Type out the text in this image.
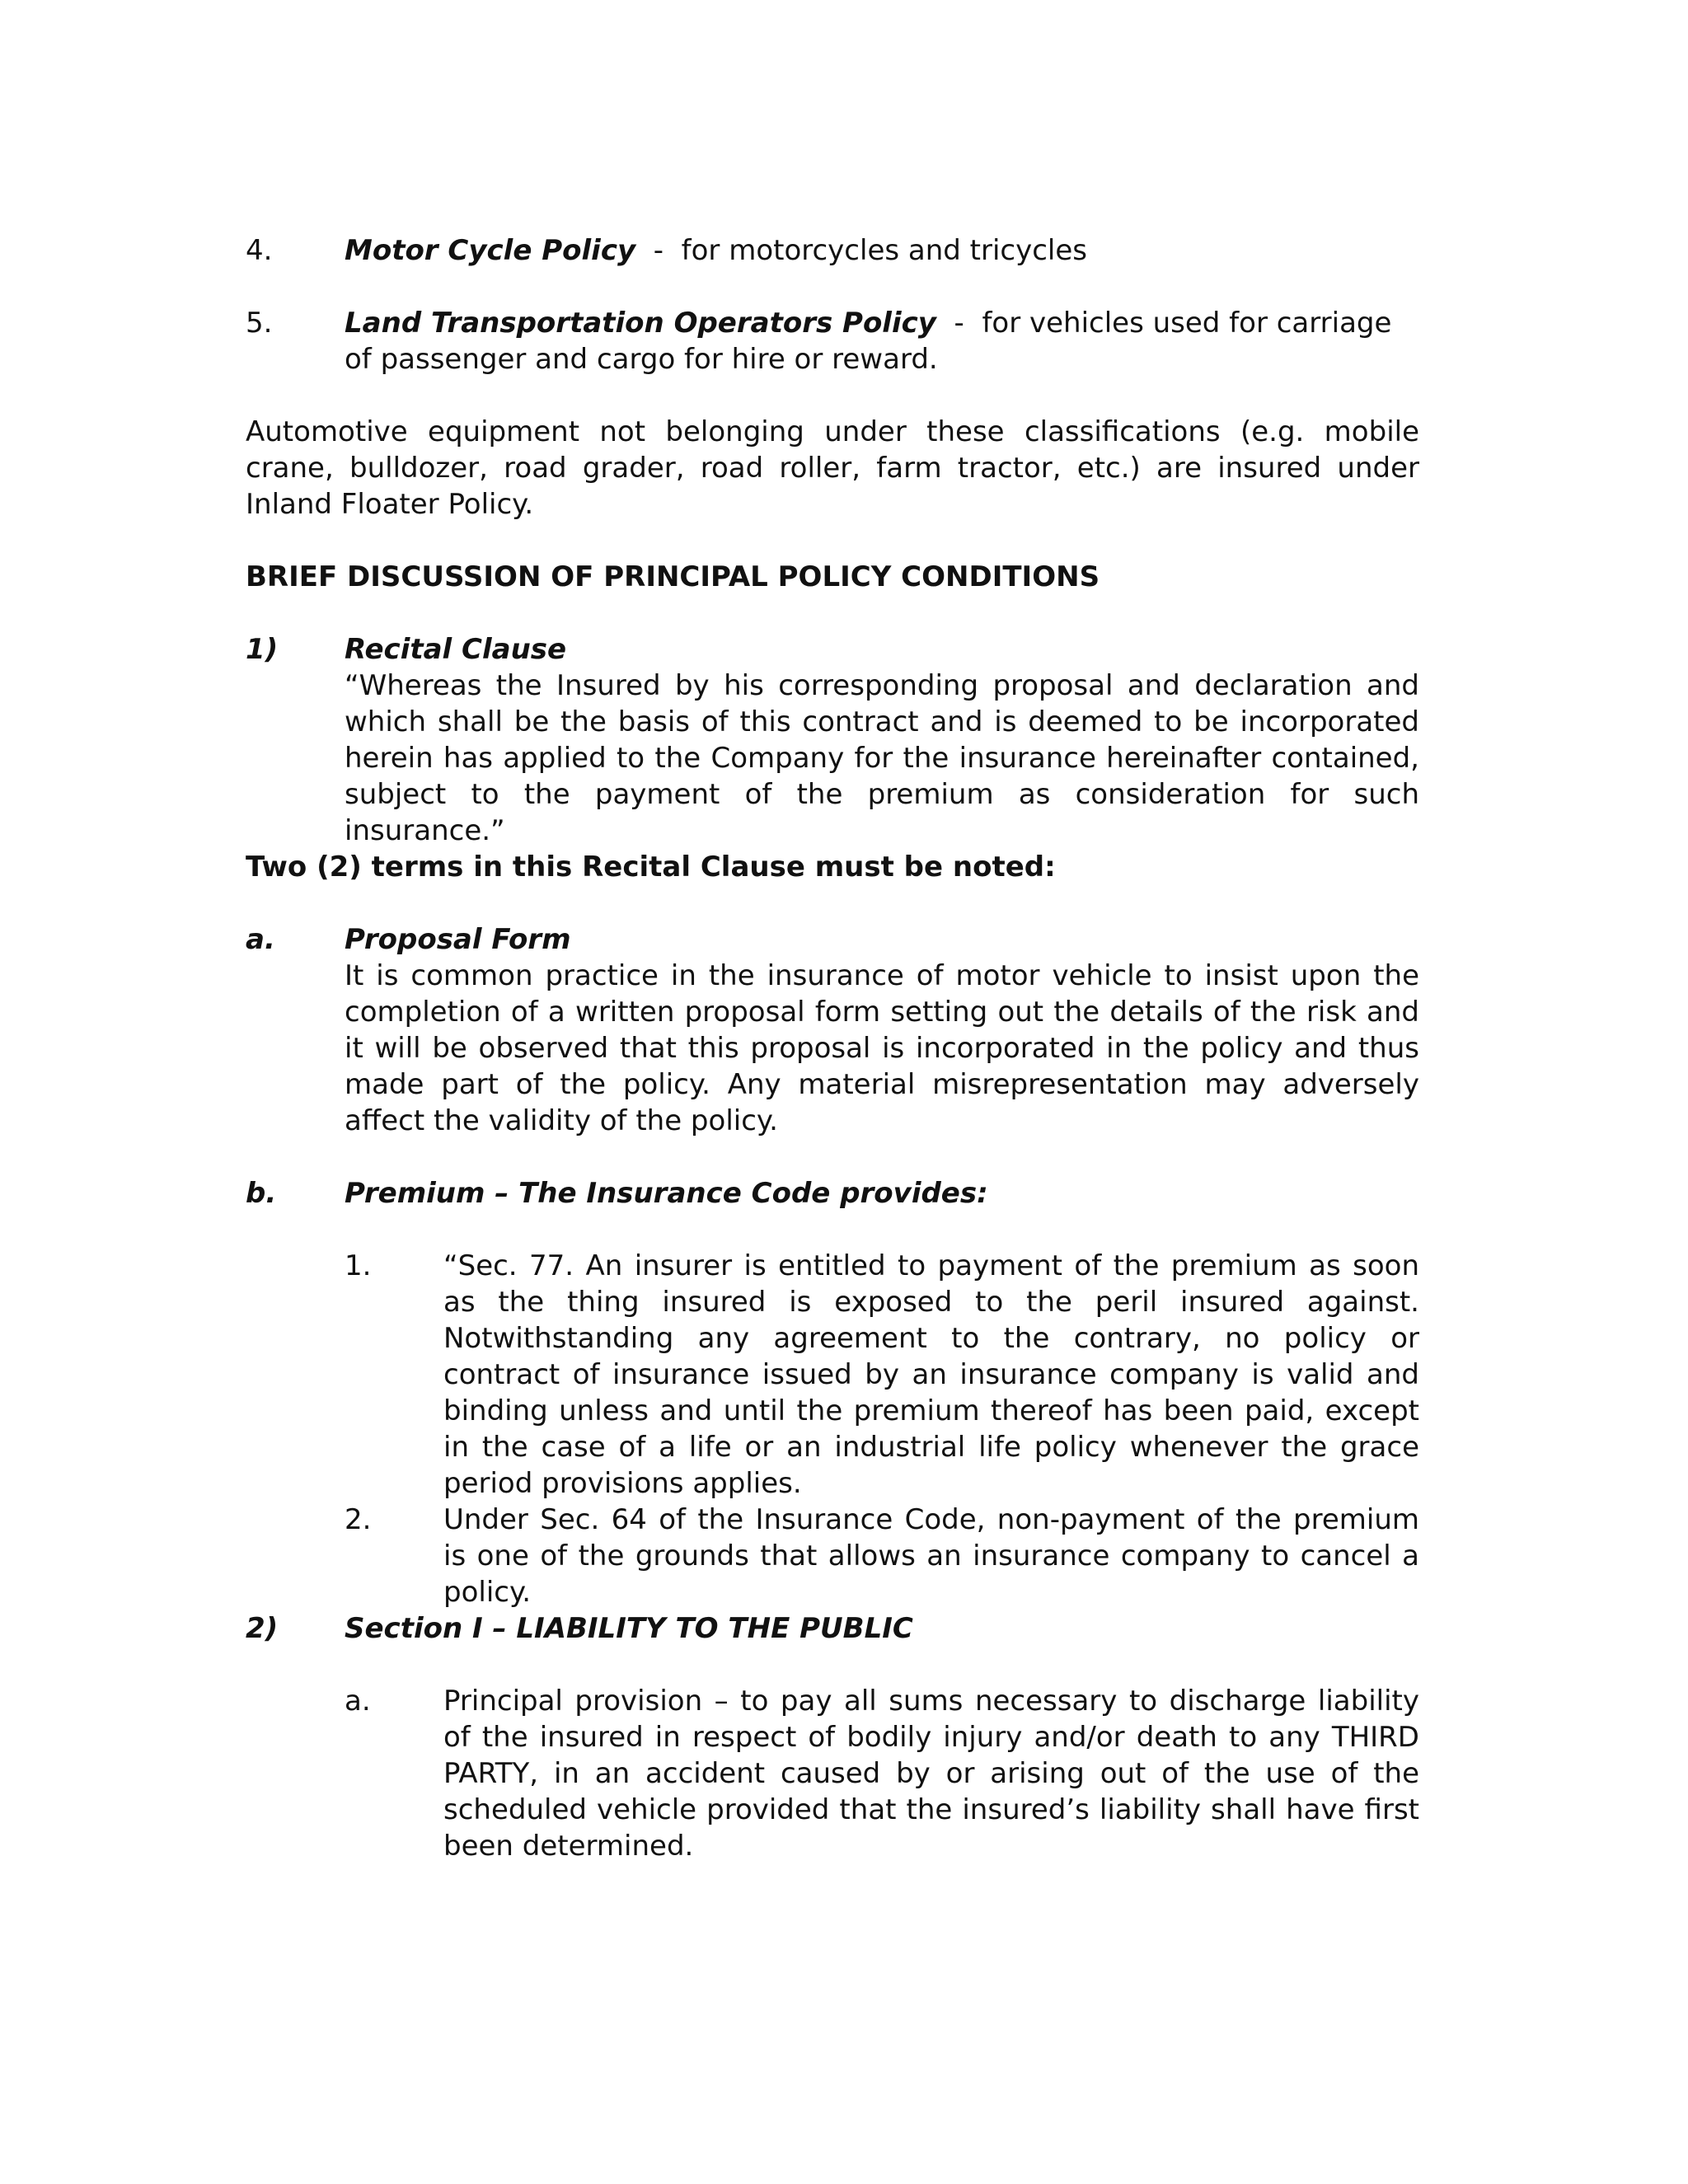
4.	Motor Cycle Policy  -  for motorcycles and tricycles
5.	Land Transportation Operators Policy  -  for vehicles used for carriage of passenger and cargo for hire or reward.
Automotive equipment not belonging under these classifications (e.g. mobile crane, bulldozer, road grader, road roller, farm tractor, etc.) are insured under Inland Floater Policy.
BRIEF DISCUSSION OF PRINCIPAL POLICY CONDITIONS
1) Recital Clause
“Whereas the Insured by his corresponding proposal and declaration and which shall be the basis of this contract and is deemed to be incorporated herein has applied to the Company for the insurance hereinafter contained, subject to the payment of the premium as consideration for such insurance.”
Two (2) terms in this Recital Clause must be noted:
a. Proposal Form
It is common practice in the insurance of motor vehicle to insist upon the completion of a written proposal form setting out the details of the risk and it will be observed that this proposal is incorporated in the policy and thus made part of the policy. Any material misrepresentation may adversely affect the validity of the policy.
b. Premium – The Insurance Code provides:
1.	“Sec. 77. An insurer is entitled to payment of the premium as soon as the thing insured is exposed to the peril insured against. Notwithstanding any agreement to the contrary, no policy or contract of insurance issued by an insurance company is valid and binding unless and until the premium thereof has been paid, except in the case of a life or an industrial life policy whenever the grace period provisions applies.
2.	Under Sec. 64 of the Insurance Code, non-payment of the premium is one of the grounds that allows an insurance company to cancel a policy.
2) Section I – LIABILITY TO THE PUBLIC
a.	Principal provision – to pay all sums necessary to discharge liability of the insured in respect of bodily injury and/or death to any THIRD PARTY, in an accident caused by or arising out of the use of the scheduled vehicle provided that the insured’s liability shall have first been determined.
